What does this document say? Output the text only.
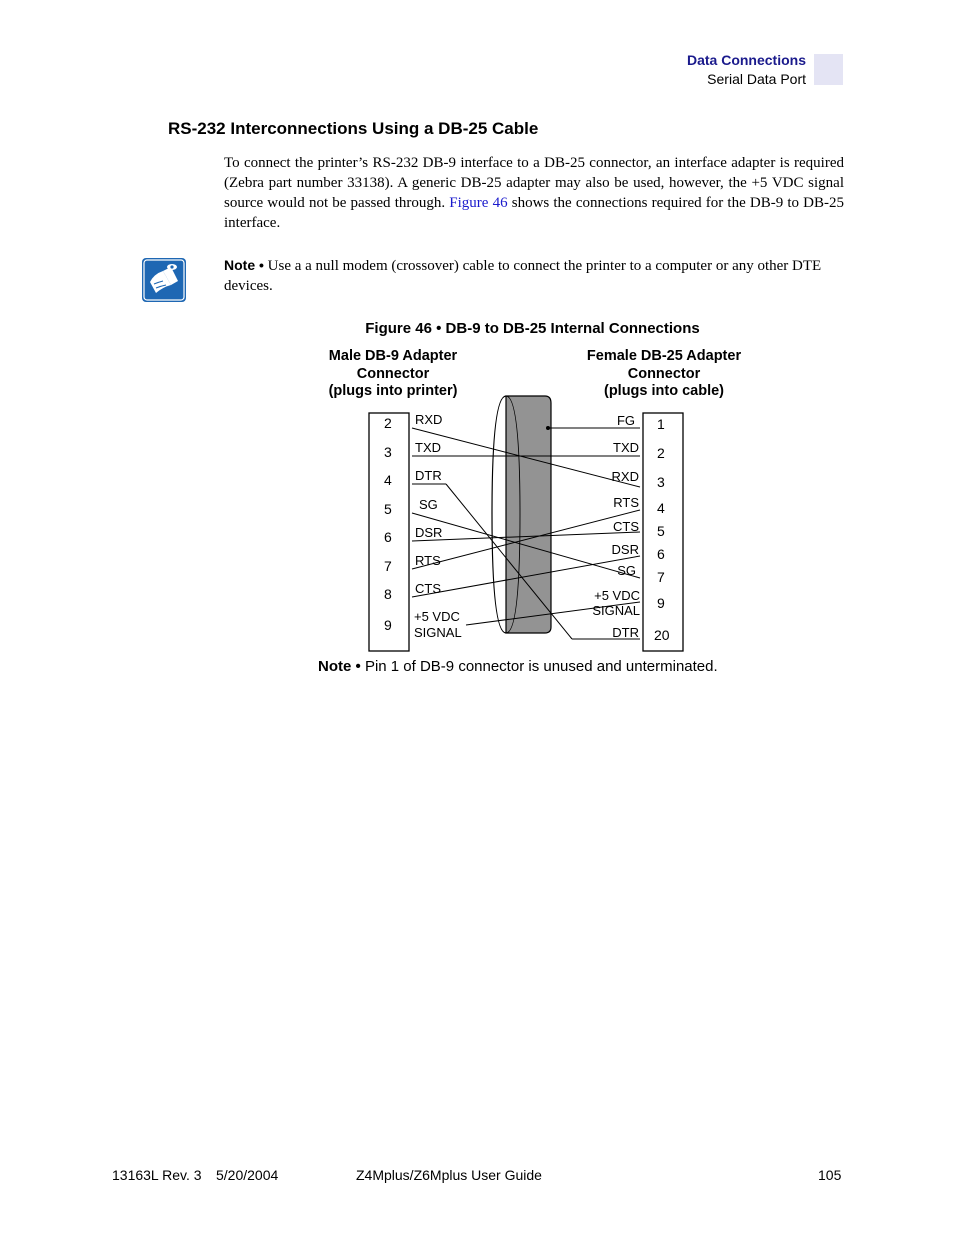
Data Connections
Serial Data Port
RS-232 Interconnections Using a DB-25 Cable
To connect the printer’s RS-232 DB-9 interface to a DB-25 connector, an interface adapter is required (Zebra part number 33138). A generic DB-25 adapter may also be used, however, the +5 VDC signal source would not be passed through. Figure 46 shows the connections required for the DB-9 to DB-25 interface.
Note • Use a a null modem (crossover) cable to connect the printer to a computer or any other DTE devices.
Figure 46 • DB-9 to DB-25 Internal Connections
Male DB-9 Adapter
Connector
(plugs into printer)
Female DB-25 Adapter
Connector
(plugs into cable)
2
3
4
5
6
7
8
9
RXD
TXD
DTR
SG
DSR
RTS
CTS
+5 VDC
SIGNAL
1
2
3
4
5
6
7
9
20
FG
TXD
RXD
RTS
CTS
DSR
SG
+5 VDC
SIGNAL
DTR
Note • Pin 1 of DB-9 connector is unused and unterminated.
13163L Rev. 3 5/20/2004	Z4Mplus/Z6Mplus User Guide	105
